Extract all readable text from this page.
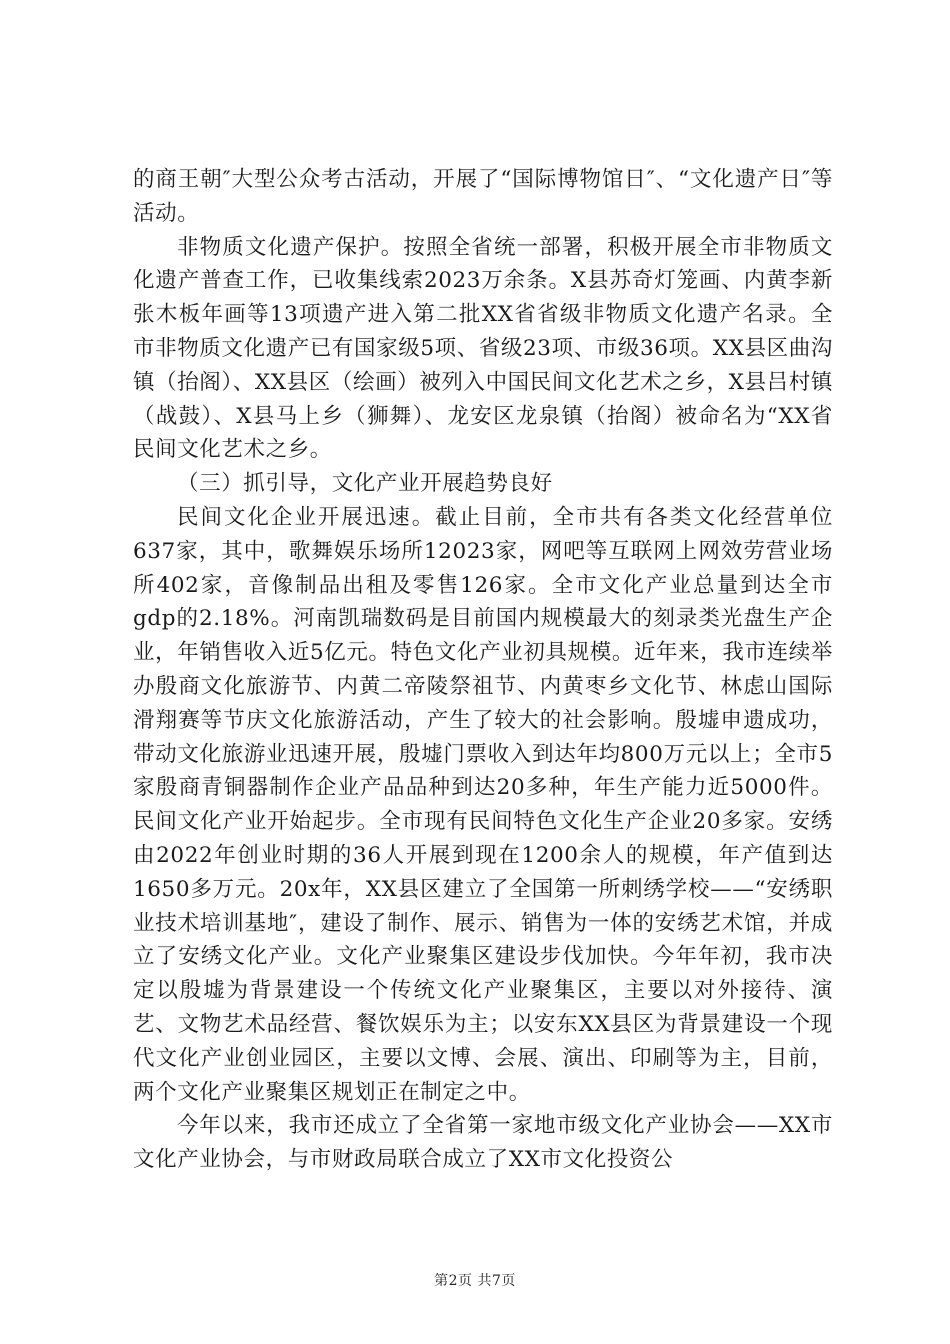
的商王朝″大型公众考古活动，开展了“国际博物馆日″、“文化遗产日″等活动。

非物质文化遗产保护。按照全省统一部署，积极开展全市非物质文化遗产普查工作，已收集线索2023万余条。X县苏奇灯笼画、内黄李新张木板年画等13项遗产进入第二批XX省省级非物质文化遗产名录。全市非物质文化遗产已有国家级5项、省级23项、市级36项。XX县区曲沟镇（抬阁）、XX县区（绘画）被列入中国民间文化艺术之乡，X县吕村镇（战鼓）、X县马上乡（狮舞）、龙安区龙泉镇（抬阁）被命名为“XX省民间文化艺术之乡。

（三）抓引导，文化产业开展趋势良好

民间文化企业开展迅速。截止目前，全市共有各类文化经营单位637家，其中，歌舞娱乐场所12023家，网吧等互联网上网效劳营业场所402家，音像制品出租及零售126家。全市文化产业总量到达全市gdp的2.18%。河南凯瑞数码是目前国内规模最大的刻录类光盘生产企业，年销售收入近5亿元。特色文化产业初具规模。近年来，我市连续举办殷商文化旅游节、内黄二帝陵祭祖节、内黄枣乡文化节、林虑山国际滑翔赛等节庆文化旅游活动，产生了较大的社会影响。殷墟申遗成功，带动文化旅游业迅速开展，殷墟门票收入到达年均800万元以上；全市5家殷商青铜器制作企业产品品种到达20多种，年生产能力近5000件。民间文化产业开始起步。全市现有民间特色文化生产企业20多家。安绣由2022年创业时期的36人开展到现在1200余人的规模，年产值到达1650多万元。20x年，XX县区建立了全国第一所刺绣学校——“安绣职业技术培训基地″，建设了制作、展示、销售为一体的安绣艺术馆，并成立了安绣文化产业。文化产业聚集区建设步伐加快。今年年初，我市决定以殷墟为背景建设一个传统文化产业聚集区，主要以对外接待、演艺、文物艺术品经营、餐饮娱乐为主；以安东XX县区为背景建设一个现代文化产业创业园区，主要以文博、会展、演出、印刷等为主，目前，两个文化产业聚集区规划正在制定之中。

今年以来，我市还成立了全省第一家地市级文化产业协会——XX市文化产业协会，与市财政局联合成立了XX市文化投资公

第2页 共7页
